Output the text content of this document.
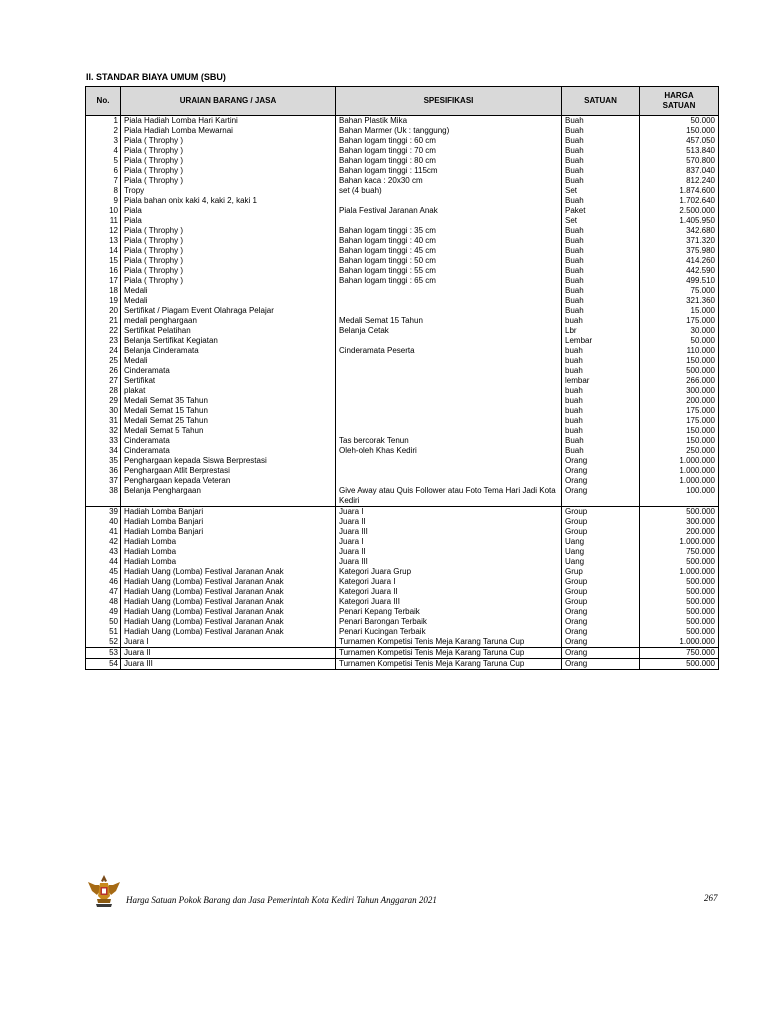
II. STANDAR BIAYA UMUM (SBU)
No.	URAIAN BARANG / JASA	SPESIFIKASI	SATUAN	HARGA
SATUAN

1	Piala Hadiah Lomba Hari Kartini	Bahan Plastik Mika	Buah	50.000
2	Piala Hadiah Lomba Mewarnai	Bahan Marmer (Uk : tanggung)	Buah	150.000
3	Piala ( Throphy )	Bahan logam tinggi : 60 cm	Buah	457.050
4	Piala ( Throphy )	Bahan logam tinggi : 70 cm	Buah	513.840
5	Piala ( Throphy )	Bahan logam tinggi : 80 cm	Buah	570.800
6	Piala ( Throphy )	Bahan logam tinggi : 115cm	Buah	837.040
7	Piala ( Throphy )	Bahan kaca : 20x30 cm	Buah	812.240
8	Tropy	set (4 buah)	Set	1.874.600
9	Piala bahan onix kaki 4, kaki 2, kaki 1		Buah	1.702.640
10	Piala	Piala Festival Jaranan Anak	Paket	2.500.000
11	Piala		Set	1.405.950
12	Piala ( Throphy )	Bahan logam tinggi : 35 cm	Buah	342.680
13	Piala ( Throphy )	Bahan logam tinggi : 40 cm	Buah	371.320
14	Piala ( Throphy )	Bahan logam tinggi : 45 cm	Buah	375.980
15	Piala ( Throphy )	Bahan logam tinggi : 50 cm	Buah	414.260
16	Piala ( Throphy )	Bahan logam tinggi : 55 cm	Buah	442.590
17	Piala ( Throphy )	Bahan logam tinggi : 65 cm	Buah	499.510
18	Medali		Buah	75.000
19	Medali		Buah	321.360
20	Sertifikat / Piagam Event Olahraga Pelajar		Buah	15.000
21	medali penghargaan	Medali Semat 15 Tahun	buah	175.000
22	Sertifikat Pelatihan	Belanja Cetak	Lbr	30.000
23	Belanja Sertifikat Kegiatan		Lembar	50.000
24	Belanja Cinderamata	Cinderamata Peserta	buah	110.000
25	Medali		buah	150.000
26	Cinderamata		buah	500.000
27	Sertifikat		lembar	266.000
28	plakat		buah	300.000
29	Medali Semat 35 Tahun		buah	200.000
30	Medali Semat 15 Tahun		buah	175.000
31	Medali Semat 25 Tahun		buah	175.000
32	Medali Semat 5 Tahun		buah	150.000
33	Cinderamata	Tas bercorak Tenun	Buah	150.000
34	Cinderamata	Oleh-oleh Khas Kediri	Buah	250.000
35	Penghargaan kepada Siswa Berprestasi		Orang	1.000.000
36	Penghargaan Atlit Berprestasi		Orang	1.000.000
37	Penghargaan kepada Veteran		Orang	1.000.000
38	Belanja Penghargaan	Give Away atau Quis Follower atau Foto Tema Hari Jadi Kota Kediri	Orang	100.000
39	Hadiah Lomba Banjari	Juara I	Group	500.000
40	Hadiah Lomba Banjari	Juara II	Group	300.000
41	Hadiah Lomba Banjari	Juara III	Group	200.000
42	Hadiah Lomba	Juara I	Uang	1.000.000
43	Hadiah Lomba	Juara II	Uang	750.000
44	Hadiah Lomba	Juara III	Uang	500.000
45	Hadiah Uang (Lomba) Festival Jaranan Anak	Kategori Juara Grup	Grup	1.000.000
46	Hadiah Uang (Lomba) Festival Jaranan Anak	Kategori Juara I	Group	500.000
47	Hadiah Uang (Lomba) Festival Jaranan Anak	Kategori Juara II	Group	500.000
48	Hadiah Uang (Lomba) Festival Jaranan Anak	Kategori Juara III	Group	500.000
49	Hadiah Uang (Lomba) Festival Jaranan Anak	Penari Kepang Terbaik	Orang	500.000
50	Hadiah Uang (Lomba) Festival Jaranan Anak	Penari Barongan Terbaik	Orang	500.000
51	Hadiah Uang (Lomba) Festival Jaranan Anak	Penari Kucingan Terbaik	Orang	500.000
52	Juara I	Turnamen Kompetisi Tenis Meja Karang Taruna Cup	Orang	1.000.000
53	Juara II	Turnamen Kompetisi Tenis Meja Karang Taruna Cup	Orang	750.000
54	Juara III	Turnamen Kompetisi Tenis Meja Karang Taruna Cup	Orang	500.000
Harga Satuan Pokok Barang dan Jasa Pemerintah Kota Kediri Tahun Anggaran 2021	267
